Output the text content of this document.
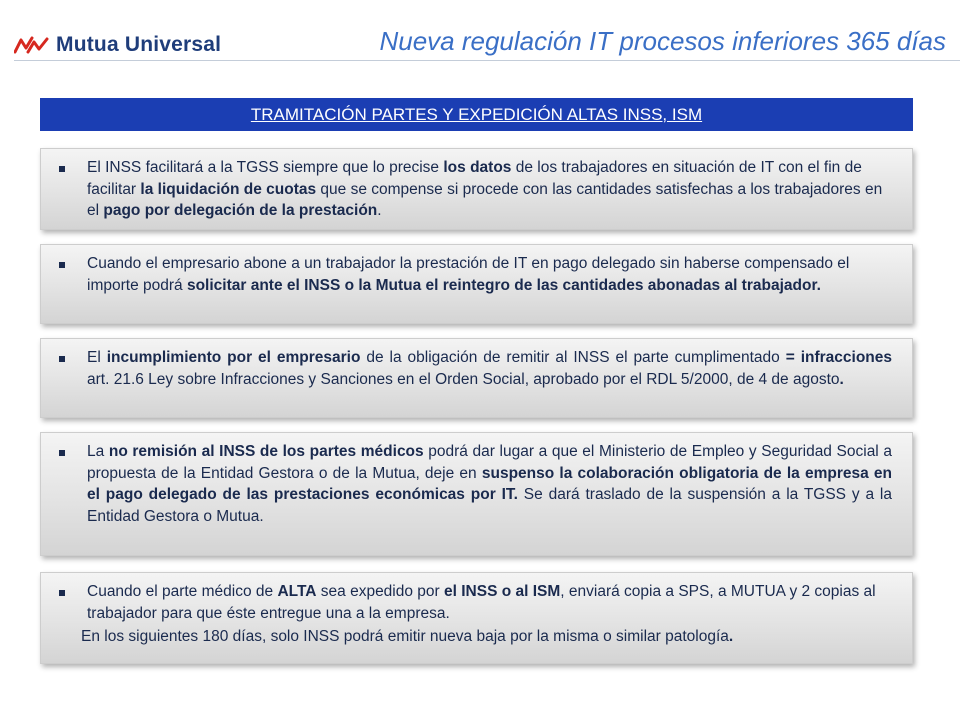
Mutua Universal	Nueva regulación IT procesos inferiores 365 días
TRAMITACIÓN PARTES Y EXPEDICIÓN ALTAS INSS, ISM

El INSS facilitará a la TGSS siempre que lo precise los datos de los trabajadores en situación de IT con el fin de facilitar la liquidación de cuotas que se compense si procede con las cantidades satisfechas a los trabajadores en el pago por delegación de la prestación.

Cuando el empresario abone a un trabajador la prestación de IT en pago delegado sin haberse compensado el importe podrá solicitar ante el INSS o la Mutua el reintegro de las cantidades abonadas al trabajador.

El incumplimiento por el empresario de la obligación de remitir al INSS el parte cumplimentado = infracciones art. 21.6 Ley sobre Infracciones y Sanciones en el Orden Social, aprobado por el RDL 5/2000, de 4 de agosto.

La no remisión al INSS de los partes médicos podrá dar lugar a que el Ministerio de Empleo y Seguridad Social a propuesta de la Entidad Gestora o de la Mutua, deje en suspenso la colaboración obligatoria de la empresa en el pago delegado de las prestaciones económicas por IT. Se dará traslado de la suspensión a la TGSS y a la Entidad Gestora o Mutua.

Cuando el parte médico de ALTA sea expedido por el INSS o al ISM, enviará copia a SPS, a MUTUA y 2 copias al trabajador para que éste entregue una a la empresa.

En los siguientes 180 días, solo INSS podrá emitir nueva baja por la misma o similar patología.
